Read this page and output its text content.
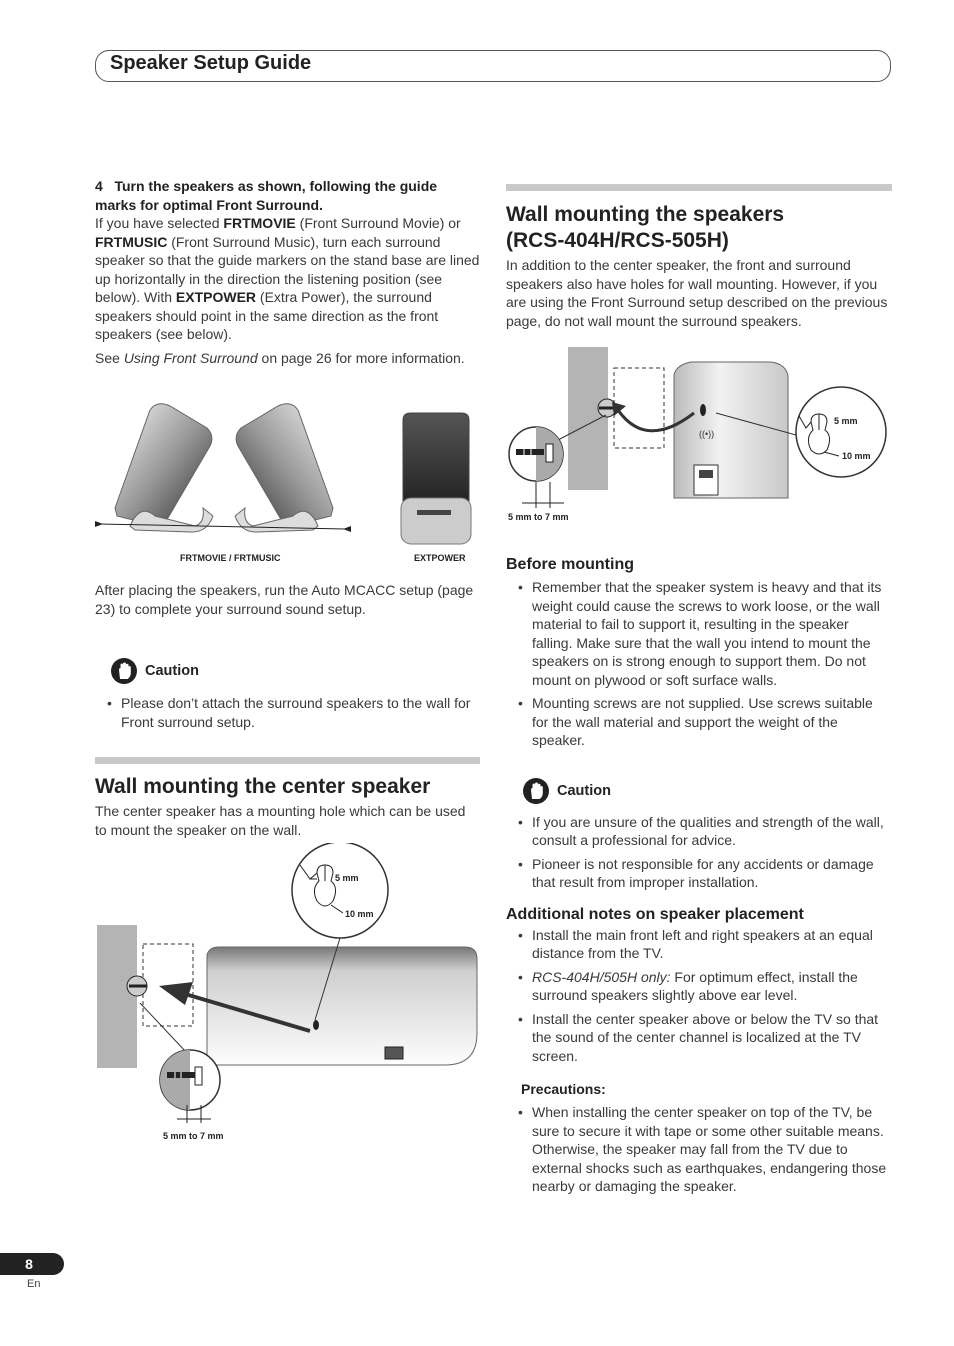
Speaker Setup Guide
4 Turn the speakers as shown, following the guide marks for optimal Front Surround.
If you have selected FRTMOVIE (Front Surround Movie) or FRTMUSIC (Front Surround Music), turn each surround speaker so that the guide markers on the stand base are lined up horizontally in the direction the listening position (see below). With EXTPOWER (Extra Power), the surround speakers should point in the same direction as the front speakers (see below).
See Using Front Surround on page 26 for more information.
FRTMOVIE / FRTMUSIC	EXTPOWER
After placing the speakers, run the Auto MCACC setup (page 23) to complete your surround sound setup.
Caution
• Please don’t attach the surround speakers to the wall for Front surround setup.
Wall mounting the center speaker
The center speaker has a mounting hole which can be used to mount the speaker on the wall.
5 mm
10 mm
5 mm to 7 mm
Wall mounting the speakers
(RCS-404H/RCS-505H)
In addition to the center speaker, the front and surround speakers also have holes for wall mounting. However, if you are using the Front Surround setup described on the previous page, do not wall mount the surround speakers.
((•))
5 mm
10 mm
5 mm to 7 mm
Before mounting
• Remember that the speaker system is heavy and that its weight could cause the screws to work loose, or the wall material to fail to support it, resulting in the speaker falling. Make sure that the wall you intend to mount the speakers on is strong enough to support them. Do not mount on plywood or soft surface walls.
• Mounting screws are not supplied. Use screws suitable for the wall material and support the weight of the speaker.
Caution
• If you are unsure of the qualities and strength of the wall, consult a professional for advice.
• Pioneer is not responsible for any accidents or damage that result from improper installation.
Additional notes on speaker placement
• Install the main front left and right speakers at an equal distance from the TV.
• RCS-404H/505H only: For optimum effect, install the surround speakers slightly above ear level.
• Install the center speaker above or below the TV so that the sound of the center channel is localized at the TV screen.
Precautions:
• When installing the center speaker on top of the TV, be sure to secure it with tape or some other suitable means. Otherwise, the speaker may fall from the TV due to external shocks such as earthquakes, endangering those nearby or damaging the speaker.
8
En
